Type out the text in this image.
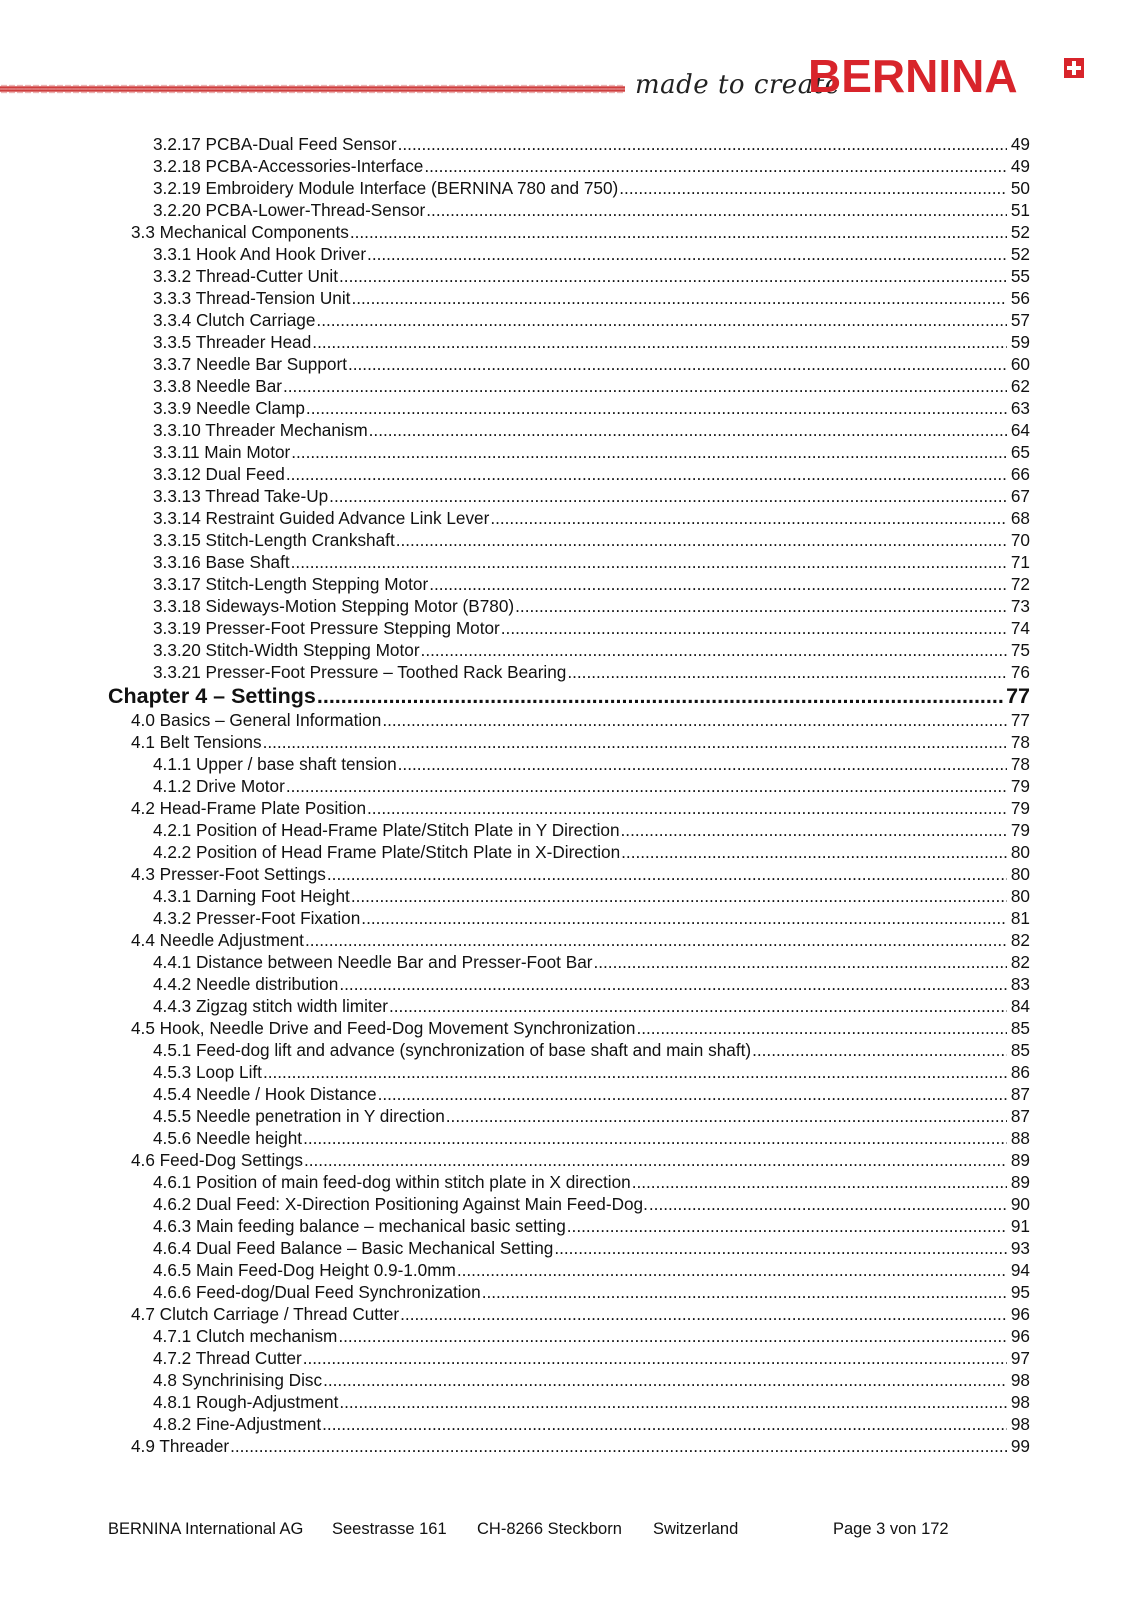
made to create
BERNINA
3.2.17 PCBA-Dual Feed Sensor .....	49
3.2.18 PCBA-Accessories-Interface .....	49
3.2.19 Embroidery Module Interface (BERNINA 780 and 750) .....	50
3.2.20 PCBA-Lower-Thread-Sensor .....	51
3.3 Mechanical Components .....	52
3.3.1 Hook And Hook Driver .....	52
3.3.2 Thread-Cutter Unit .....	55
3.3.3 Thread-Tension Unit .....	56
3.3.4 Clutch Carriage .....	57
3.3.5 Threader Head .....	59
3.3.7 Needle Bar Support .....	60
3.3.8 Needle Bar .....	62
3.3.9 Needle Clamp .....	63
3.3.10 Threader Mechanism .....	64
3.3.11 Main Motor .....	65
3.3.12 Dual Feed .....	66
3.3.13 Thread Take-Up .....	67
3.3.14 Restraint Guided Advance Link Lever .....	68
3.3.15 Stitch-Length Crankshaft .....	70
3.3.16 Base Shaft .....	71
3.3.17 Stitch-Length Stepping Motor .....	72
3.3.18 Sideways-Motion Stepping Motor (B780) .....	73
3.3.19 Presser-Foot Pressure Stepping Motor .....	74
3.3.20 Stitch-Width Stepping Motor .....	75
3.3.21 Presser-Foot Pressure – Toothed Rack Bearing .....	76
Chapter 4 – Settings .....	77
4.0 Basics – General Information .....	77
4.1 Belt Tensions .....	78
4.1.1 Upper / base shaft tension .....	78
4.1.2 Drive Motor .....	79
4.2 Head-Frame Plate Position .....	79
4.2.1 Position of Head-Frame Plate/Stitch Plate in Y Direction .....	79
4.2.2 Position of Head Frame Plate/Stitch Plate in X-Direction .....	80
4.3 Presser-Foot Settings .....	80
4.3.1 Darning Foot Height .....	80
4.3.2 Presser-Foot Fixation .....	81
4.4 Needle Adjustment .....	82
4.4.1 Distance between Needle Bar and Presser-Foot Bar .....	82
4.4.2 Needle distribution .....	83
4.4.3 Zigzag stitch width limiter .....	84
4.5 Hook, Needle Drive and Feed-Dog Movement Synchronization .....	85
4.5.1 Feed-dog lift and advance (synchronization of base shaft and main shaft) .....	85
4.5.3 Loop Lift .....	86
4.5.4 Needle / Hook Distance .....	87
4.5.5 Needle penetration in Y direction .....	87
4.5.6 Needle height .....	88
4.6 Feed-Dog Settings .....	89
4.6.1 Position of main feed-dog within stitch plate in X direction .....	89
4.6.2 Dual Feed: X-Direction Positioning Against Main Feed-Dog. .....	90
4.6.3 Main feeding balance – mechanical basic setting .....	91
4.6.4 Dual Feed Balance – Basic Mechanical Setting .....	93
4.6.5 Main Feed-Dog Height 0.9-1.0mm .....	94
4.6.6 Feed-dog/Dual Feed Synchronization .....	95
4.7 Clutch Carriage / Thread Cutter .....	96
4.7.1 Clutch mechanism .....	96
4.7.2 Thread Cutter .....	97
4.8 Synchrinising Disc .....	98
4.8.1 Rough-Adjustment .....	98
4.8.2 Fine-Adjustment .....	98
4.9 Threader .....	99
BERNINA International AG Seestrasse 161 CH-8266 Steckborn Switzerland	Page 3 von 172
